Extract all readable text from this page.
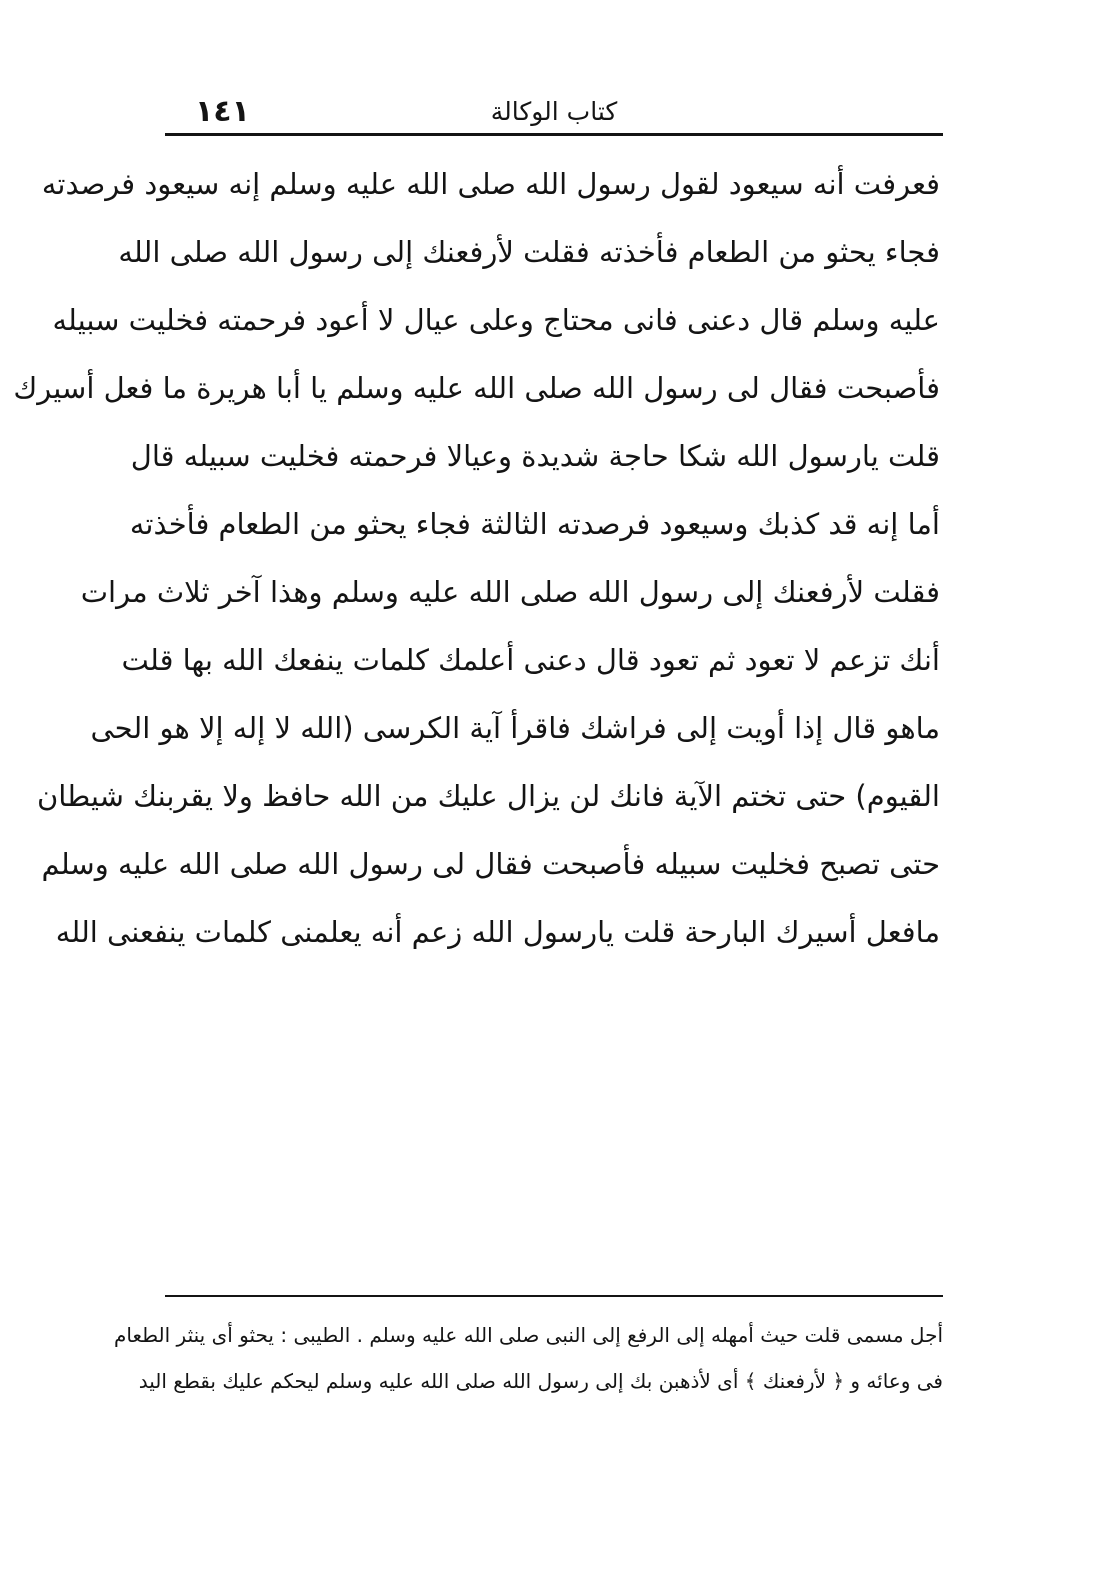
كتاب الوكالة
١٤١
فعرفت أنه سيعود لقول رسول الله صلى الله عليه وسلم إنه سيعود فرصدته
فجاء يحثو من الطعام فأخذته فقلت لأرفعنك إلى رسول الله صلى الله
عليه وسلم قال دعنى فانى محتاج وعلى عيال لا أعود فرحمته فخليت سبيله
فأصبحت فقال لى رسول الله صلى الله عليه وسلم يا أبا هريرة ما فعل أسيرك
قلت يارسول الله شكا حاجة شديدة وعيالا فرحمته فخليت سبيله قال
أما إنه قد كذبك وسيعود فرصدته الثالثة فجاء يحثو من الطعام فأخذته
فقلت لأرفعنك إلى رسول الله صلى الله عليه وسلم وهذا آخر ثلاث مرات
أنك تزعم لا تعود ثم تعود قال دعنى أعلمك كلمات ينفعك الله بها قلت
ماهو قال إذا أويت إلى فراشك فاقرأ آية الكرسى (الله لا إله إلا هو الحى
القيوم) حتى تختم الآية فانك لن يزال عليك من الله حافظ ولا يقربنك شيطان
حتى تصبح فخليت سبيله فأصبحت فقال لى رسول الله صلى الله عليه وسلم
مافعل أسيرك البارحة قلت يارسول الله زعم أنه يعلمنى كلمات ينفعنى الله
أجل مسمى قلت حيث أمهله إلى الرفع إلى النبى صلى الله عليه وسلم . الطيبى : يحثو أى ينثر الطعام
فى وعائه و ﴿ لأرفعنك ﴾ أى لأذهبن بك إلى رسول الله صلى الله عليه وسلم ليحكم عليك بقطع اليد
